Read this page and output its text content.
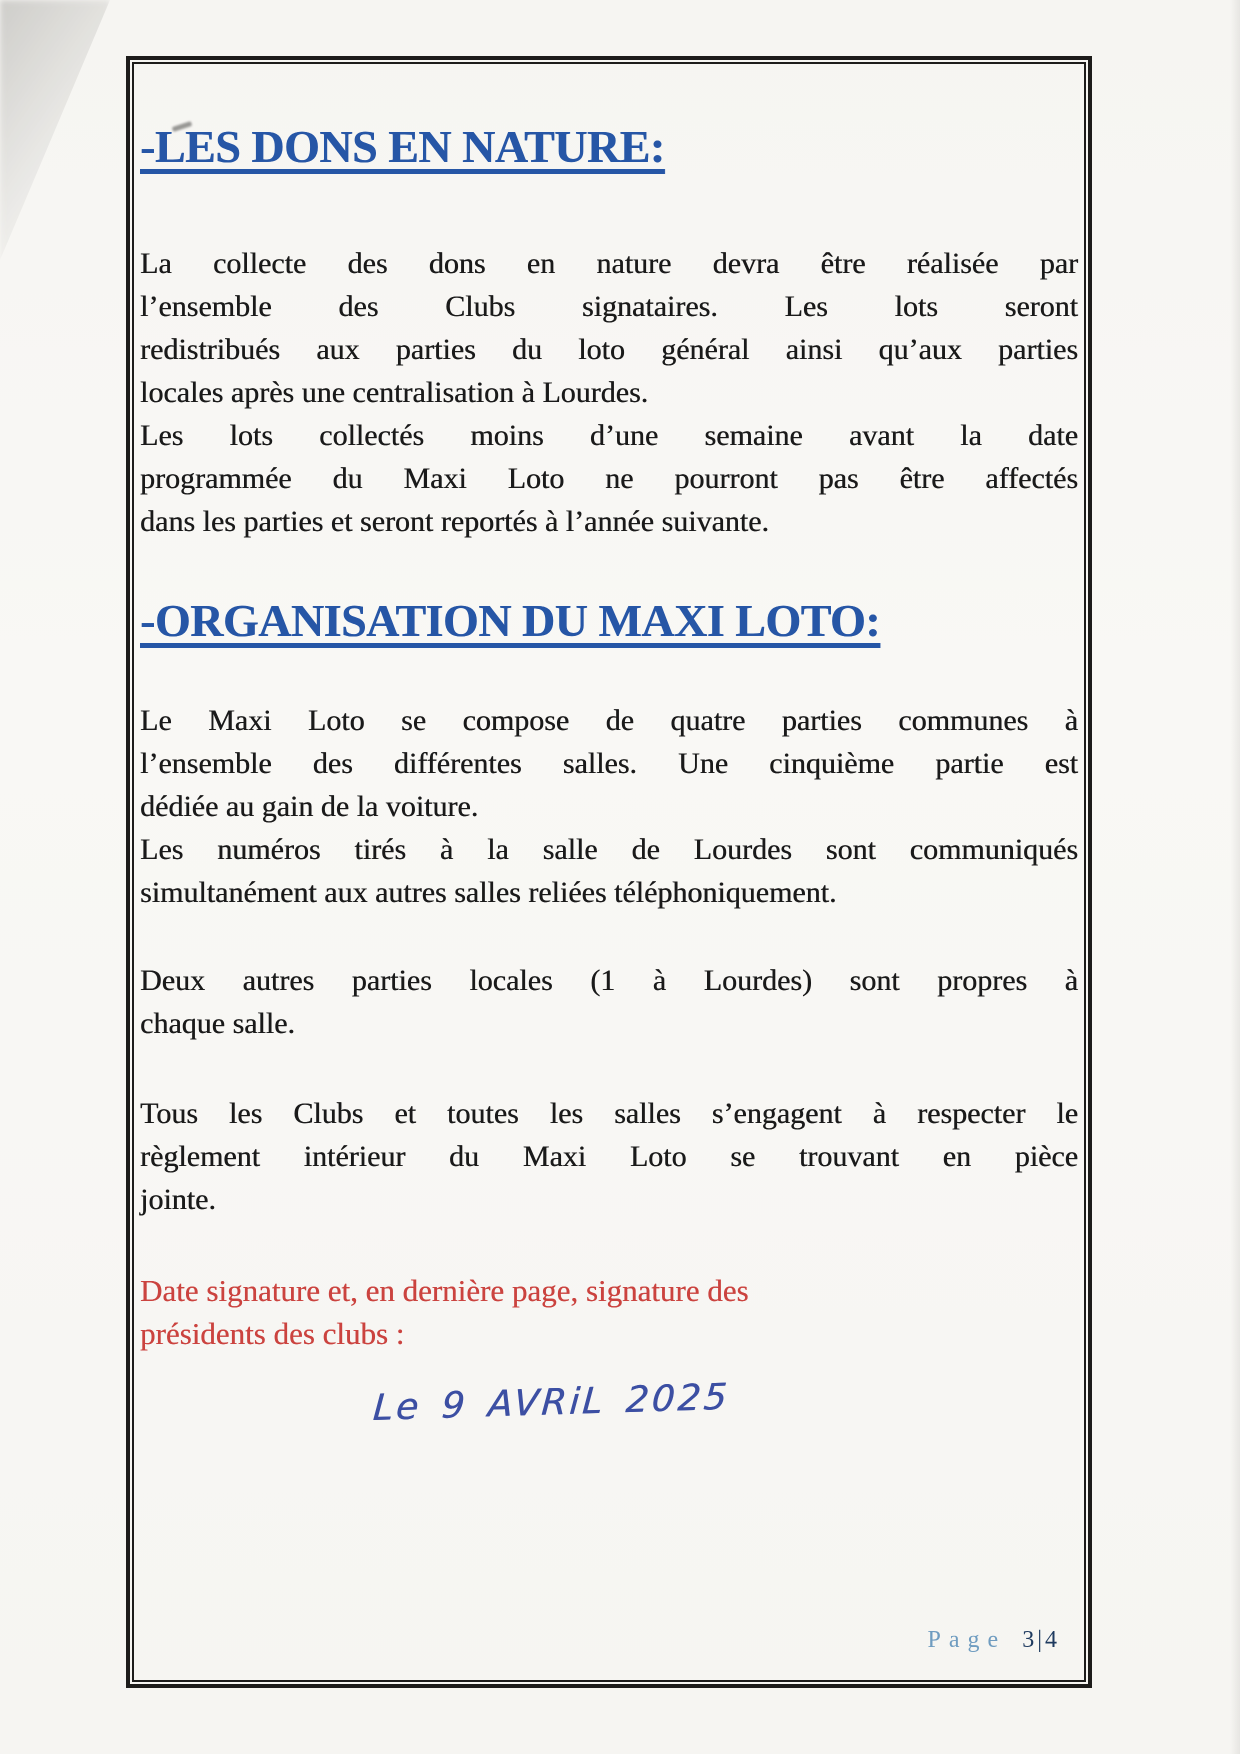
-LES DONS EN NATURE:
La collecte des dons en nature devra être réalisée par
l’ensemble des Clubs signataires. Les lots seront
redistribués aux parties du loto général ainsi qu’aux parties
locales après une centralisation à Lourdes.
Les lots collectés moins d’une semaine avant la date
programmée du Maxi Loto ne pourront pas être affectés
dans les parties et seront reportés à l’année suivante.
-ORGANISATION DU MAXI LOTO:
Le Maxi Loto se compose de quatre parties communes à
l’ensemble des différentes salles. Une cinquième partie est
dédiée au gain de la voiture.
Les numéros tirés à la salle de Lourdes sont communiqués
simultanément aux autres salles reliées téléphoniquement.
Deux autres parties locales (1 à Lourdes) sont propres à
chaque salle.
Tous les Clubs et toutes les salles s’engagent à respecter le
règlement intérieur du Maxi Loto se trouvant en pièce
jointe.
Date signature et, en dernière page, signature des
présidents des clubs :
Le 9 AVRiL 2025
Page 3|4
